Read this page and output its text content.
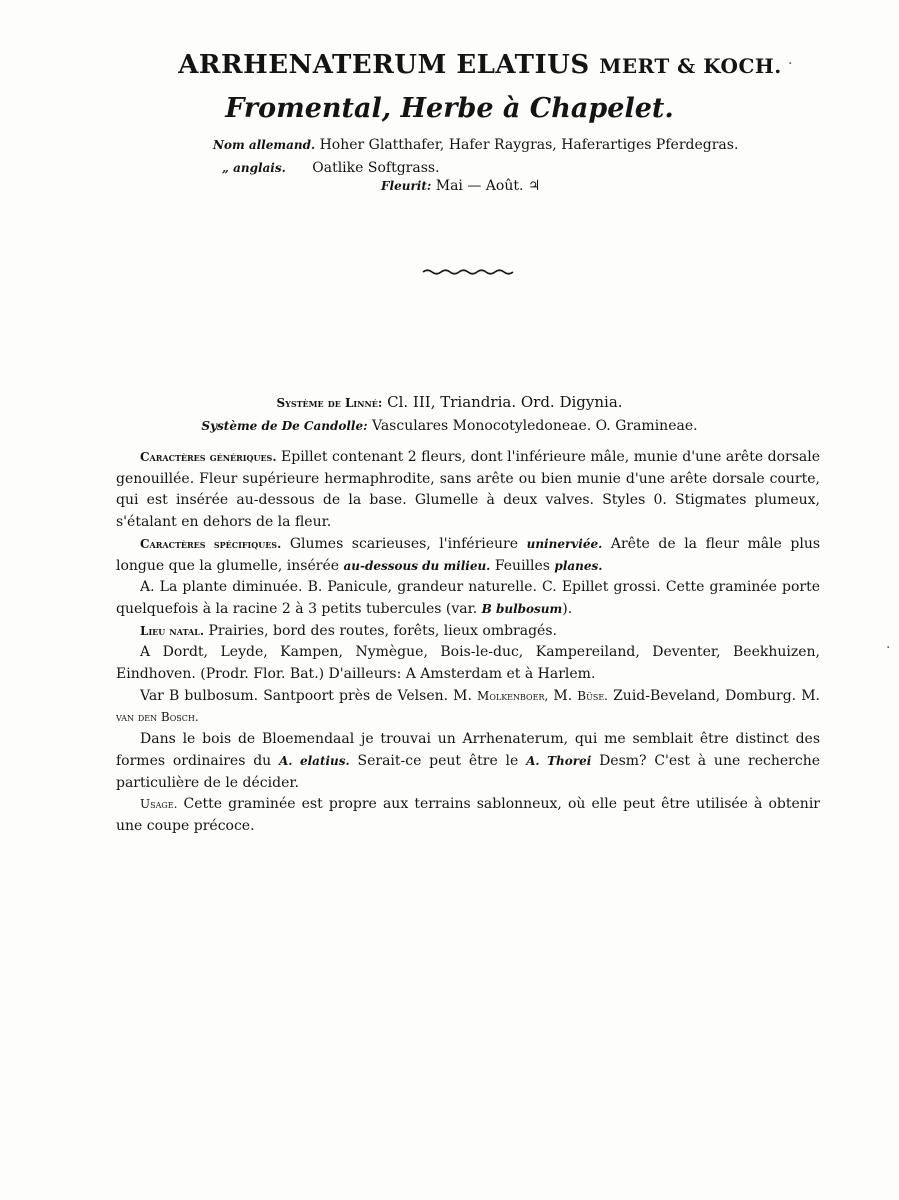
ARRHENATERUM ELATIUS MERT & KOCH.
Fromental, Herbe à Chapelet.
Nom allemand. Hoher Glatthafer, Hafer Raygras, Haferartiges Pferdegras.
„ anglais. Oatlike Softgrass.
Fleurit: Mai — Août. ♃
Système de Linné: Cl. III, Triandria. Ord. Digynia.
Système de De Candolle: Vasculares Monocotyledoneae. O. Gramineae.

Caractères génériques. Epillet contenant 2 fleurs, dont l'inférieure mâle, munie d'une arête dorsale genouillée. Fleur supérieure hermaphrodite, sans arête ou bien munie d'une arête dorsale courte, qui est insérée au-dessous de la base. Glumelle à deux valves. Styles 0. Stigmates plumeux, s'étalant en dehors de la fleur.

Caractères spécifiques. Glumes scarieuses, l'inférieure uninerviée. Arête de la fleur mâle plus longue que la glumelle, insérée au-dessous du milieu. Feuilles planes.

A. La plante diminuée. B. Panicule, grandeur naturelle. C. Epillet grossi. Cette graminée porte quelquefois à la racine 2 à 3 petits tubercules (var. B bulbosum).

Lieu natal. Prairies, bord des routes, forêts, lieux ombragés.

A Dordt, Leyde, Kampen, Nymègue, Bois-le-duc, Kampereiland, Deventer, Beekhuizen, Eindhoven. (Prodr. Flor. Bat.) D'ailleurs: A Amsterdam et à Harlem.

Var B bulbosum. Santpoort près de Velsen. M. Molkenboer, M. Büse. Zuid-Beveland, Domburg. M. van den Bosch.

Dans le bois de Bloemendaal je trouvai un Arrhenaterum, qui me semblait être distinct des formes ordinaires du A. elatius. Serait-ce peut être le A. Thorei Desm? C'est à une recherche particulière de le décider.

Usage. Cette graminée est propre aux terrains sablonneux, où elle peut être utilisée à obtenir une coupe précoce.

·
·
